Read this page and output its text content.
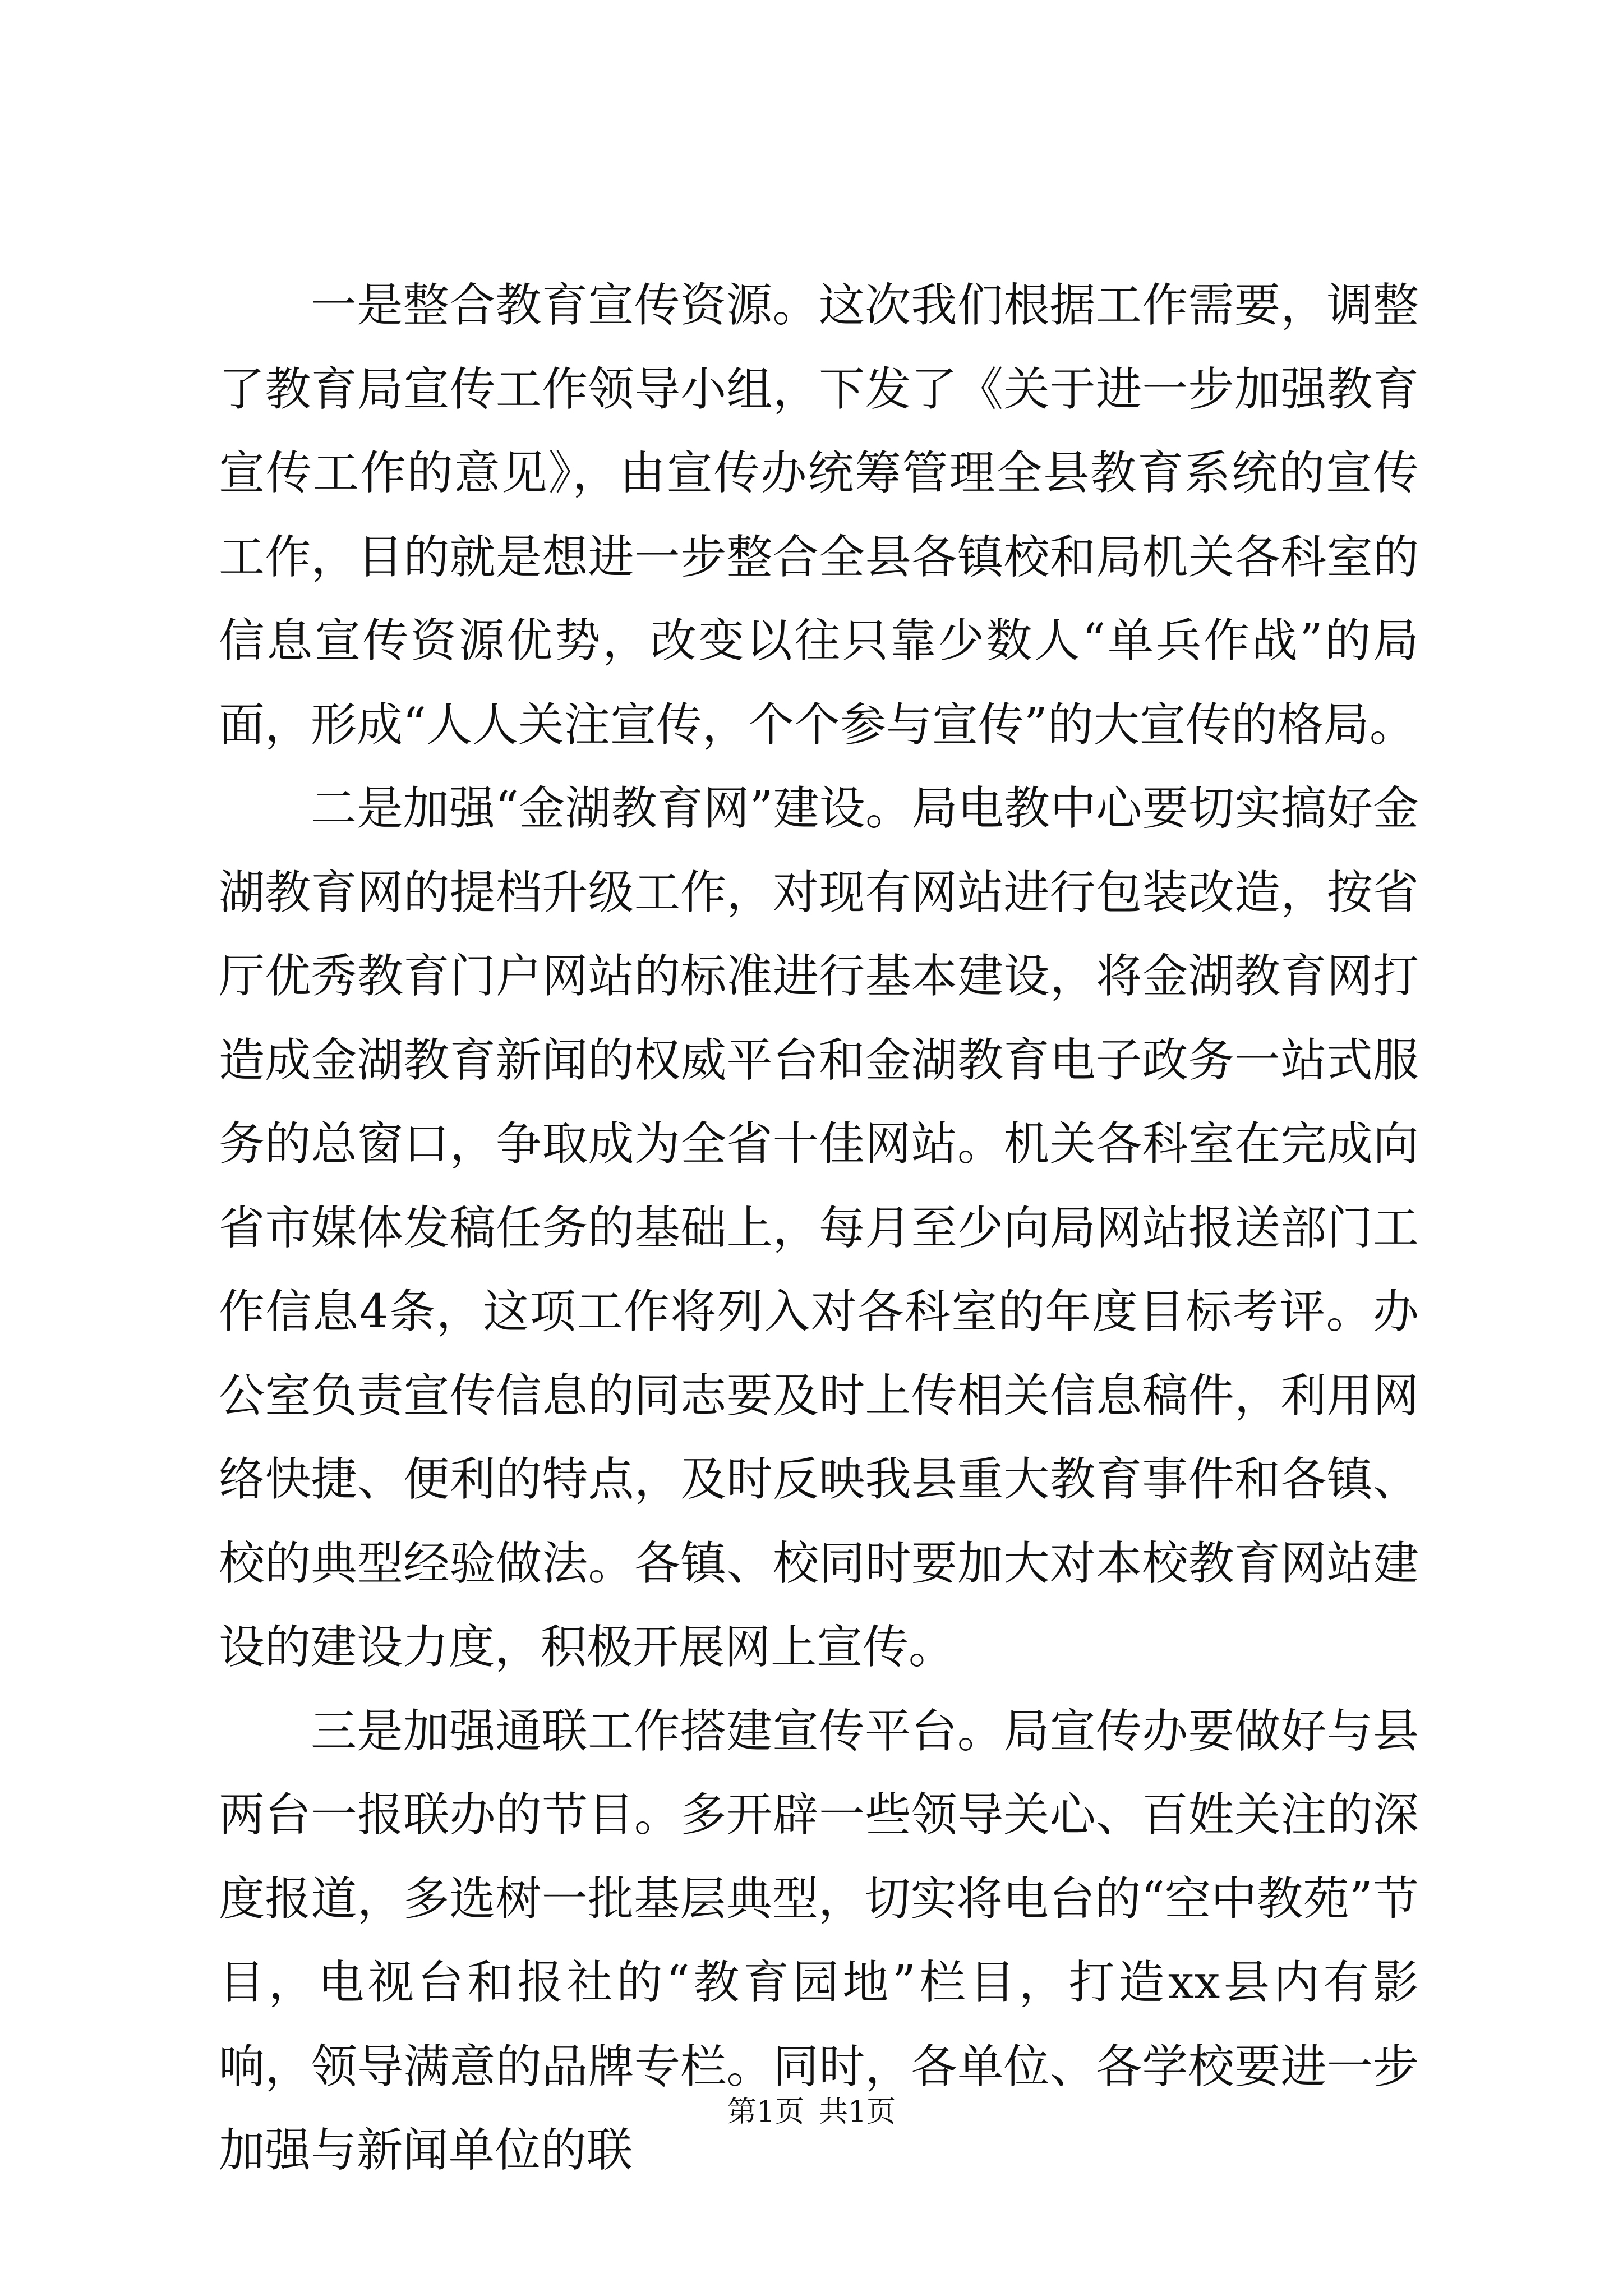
一是整合教育宣传资源。这次我们根据工作需要，调整了教育局宣传工作领导小组，下发了《关于进一步加强教育宣传工作的意见》，由宣传办统筹管理全县教育系统的宣传工作，目的就是想进一步整合全县各镇校和局机关各科室的信息宣传资源优势，改变以往只靠少数人“单兵作战”的局面，形成“人人关注宣传，个个参与宣传”的大宣传的格局。

二是加强“金湖教育网”建设。局电教中心要切实搞好金湖教育网的提档升级工作，对现有网站进行包装改造，按省厅优秀教育门户网站的标准进行基本建设，将金湖教育网打造成金湖教育新闻的权威平台和金湖教育电子政务一站式服务的总窗口，争取成为全省十佳网站。机关各科室在完成向省市媒体发稿任务的基础上，每月至少向局网站报送部门工作信息4条，这项工作将列入对各科室的年度目标考评。办公室负责宣传信息的同志要及时上传相关信息稿件，利用网络快捷、便利的特点，及时反映我县重大教育事件和各镇、校的典型经验做法。各镇、校同时要加大对本校教育网站建设的建设力度，积极开展网上宣传。

三是加强通联工作搭建宣传平台。局宣传办要做好与县两台一报联办的节目。多开辟一些领导关心、百姓关注的深度报道，多选树一批基层典型，切实将电台的“空中教苑”节目，电视台和报社的“教育园地”栏目，打造xx县内有影响，领导满意的品牌专栏。同时，各单位、各学校要进一步加强与新闻单位的联

第1页 共1页
